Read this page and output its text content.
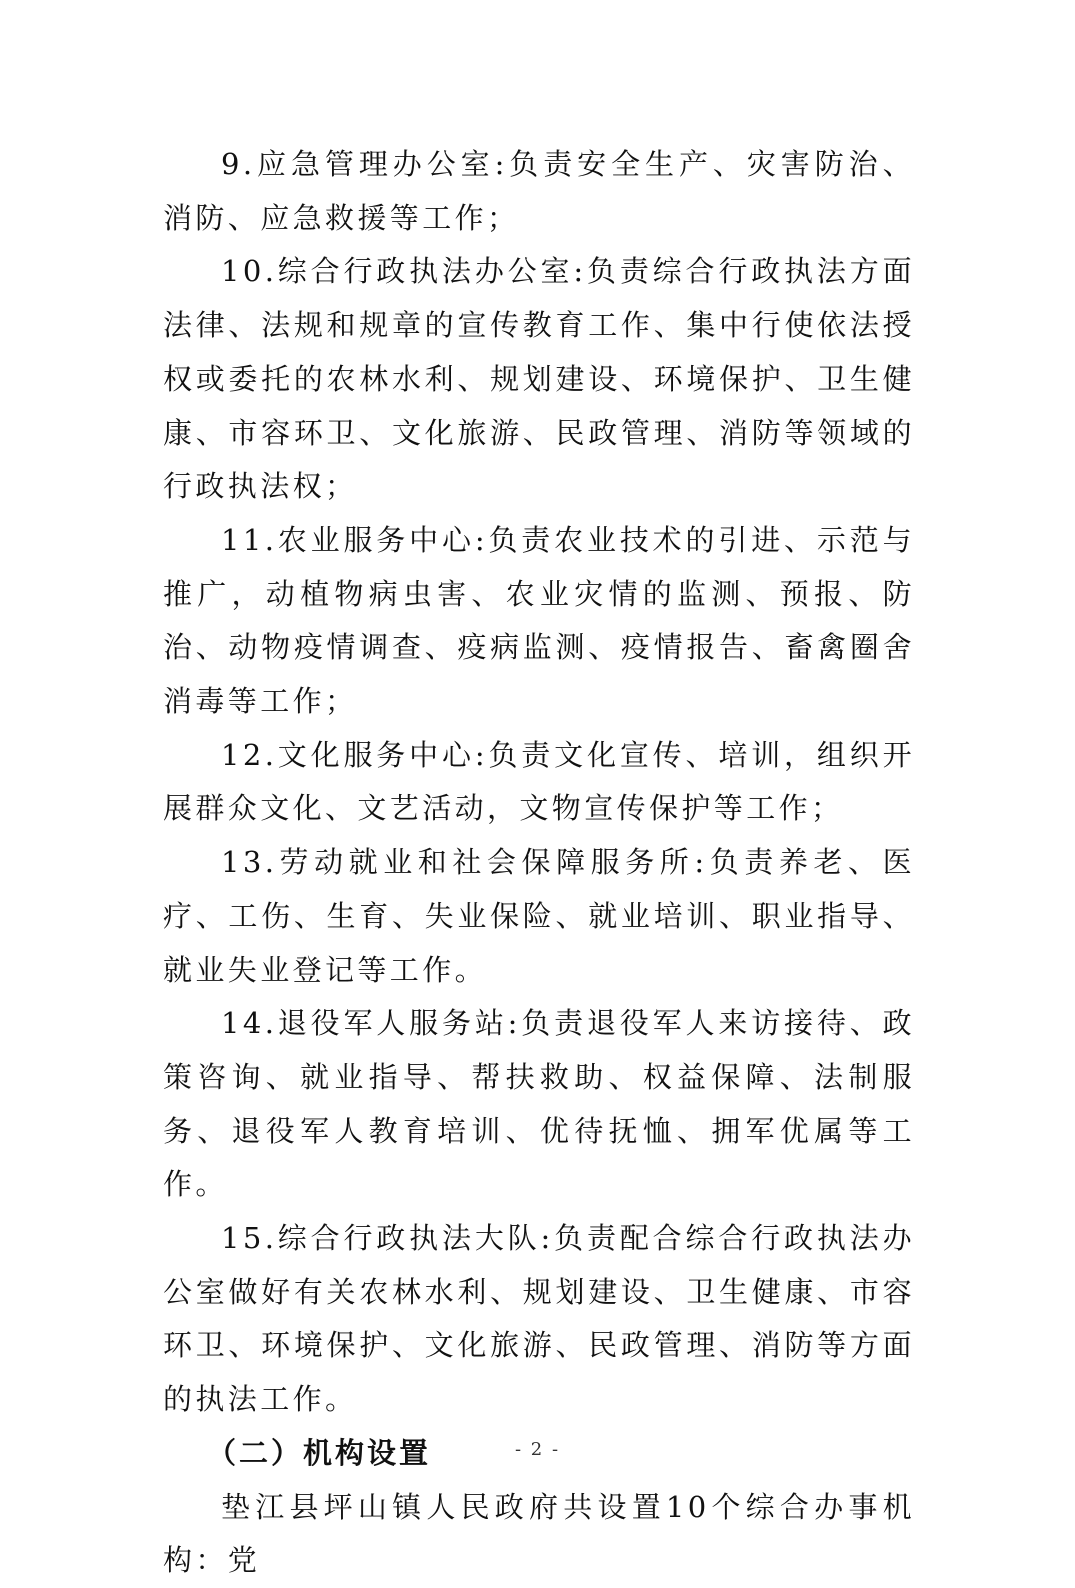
9.应急管理办公室:负责安全生产、灾害防治、消防、应急救援等工作；

10.综合行政执法办公室:负责综合行政执法方面法律、法规和规章的宣传教育工作、集中行使依法授权或委托的农林水利、规划建设、环境保护、卫生健康、市容环卫、文化旅游、民政管理、消防等领域的行政执法权；

11.农业服务中心:负责农业技术的引进、示范与推广，动植物病虫害、农业灾情的监测、预报、防治、动物疫情调查、疫病监测、疫情报告、畜禽圈舍消毒等工作；

12.文化服务中心:负责文化宣传、培训，组织开展群众文化、文艺活动，文物宣传保护等工作；

13.劳动就业和社会保障服务所:负责养老、医疗、工伤、生育、失业保险、就业培训、职业指导、就业失业登记等工作。

14.退役军人服务站:负责退役军人来访接待、政策咨询、就业指导、帮扶救助、权益保障、法制服务、退役军人教育培训、优待抚恤、拥军优属等工作。

15.综合行政执法大队:负责配合综合行政执法办公室做好有关农林水利、规划建设、卫生健康、市容环卫、环境保护、文化旅游、民政管理、消防等方面的执法工作。

（二）机构设置

垫江县坪山镇人民政府共设置10个综合办事机构：党

- 2 -
